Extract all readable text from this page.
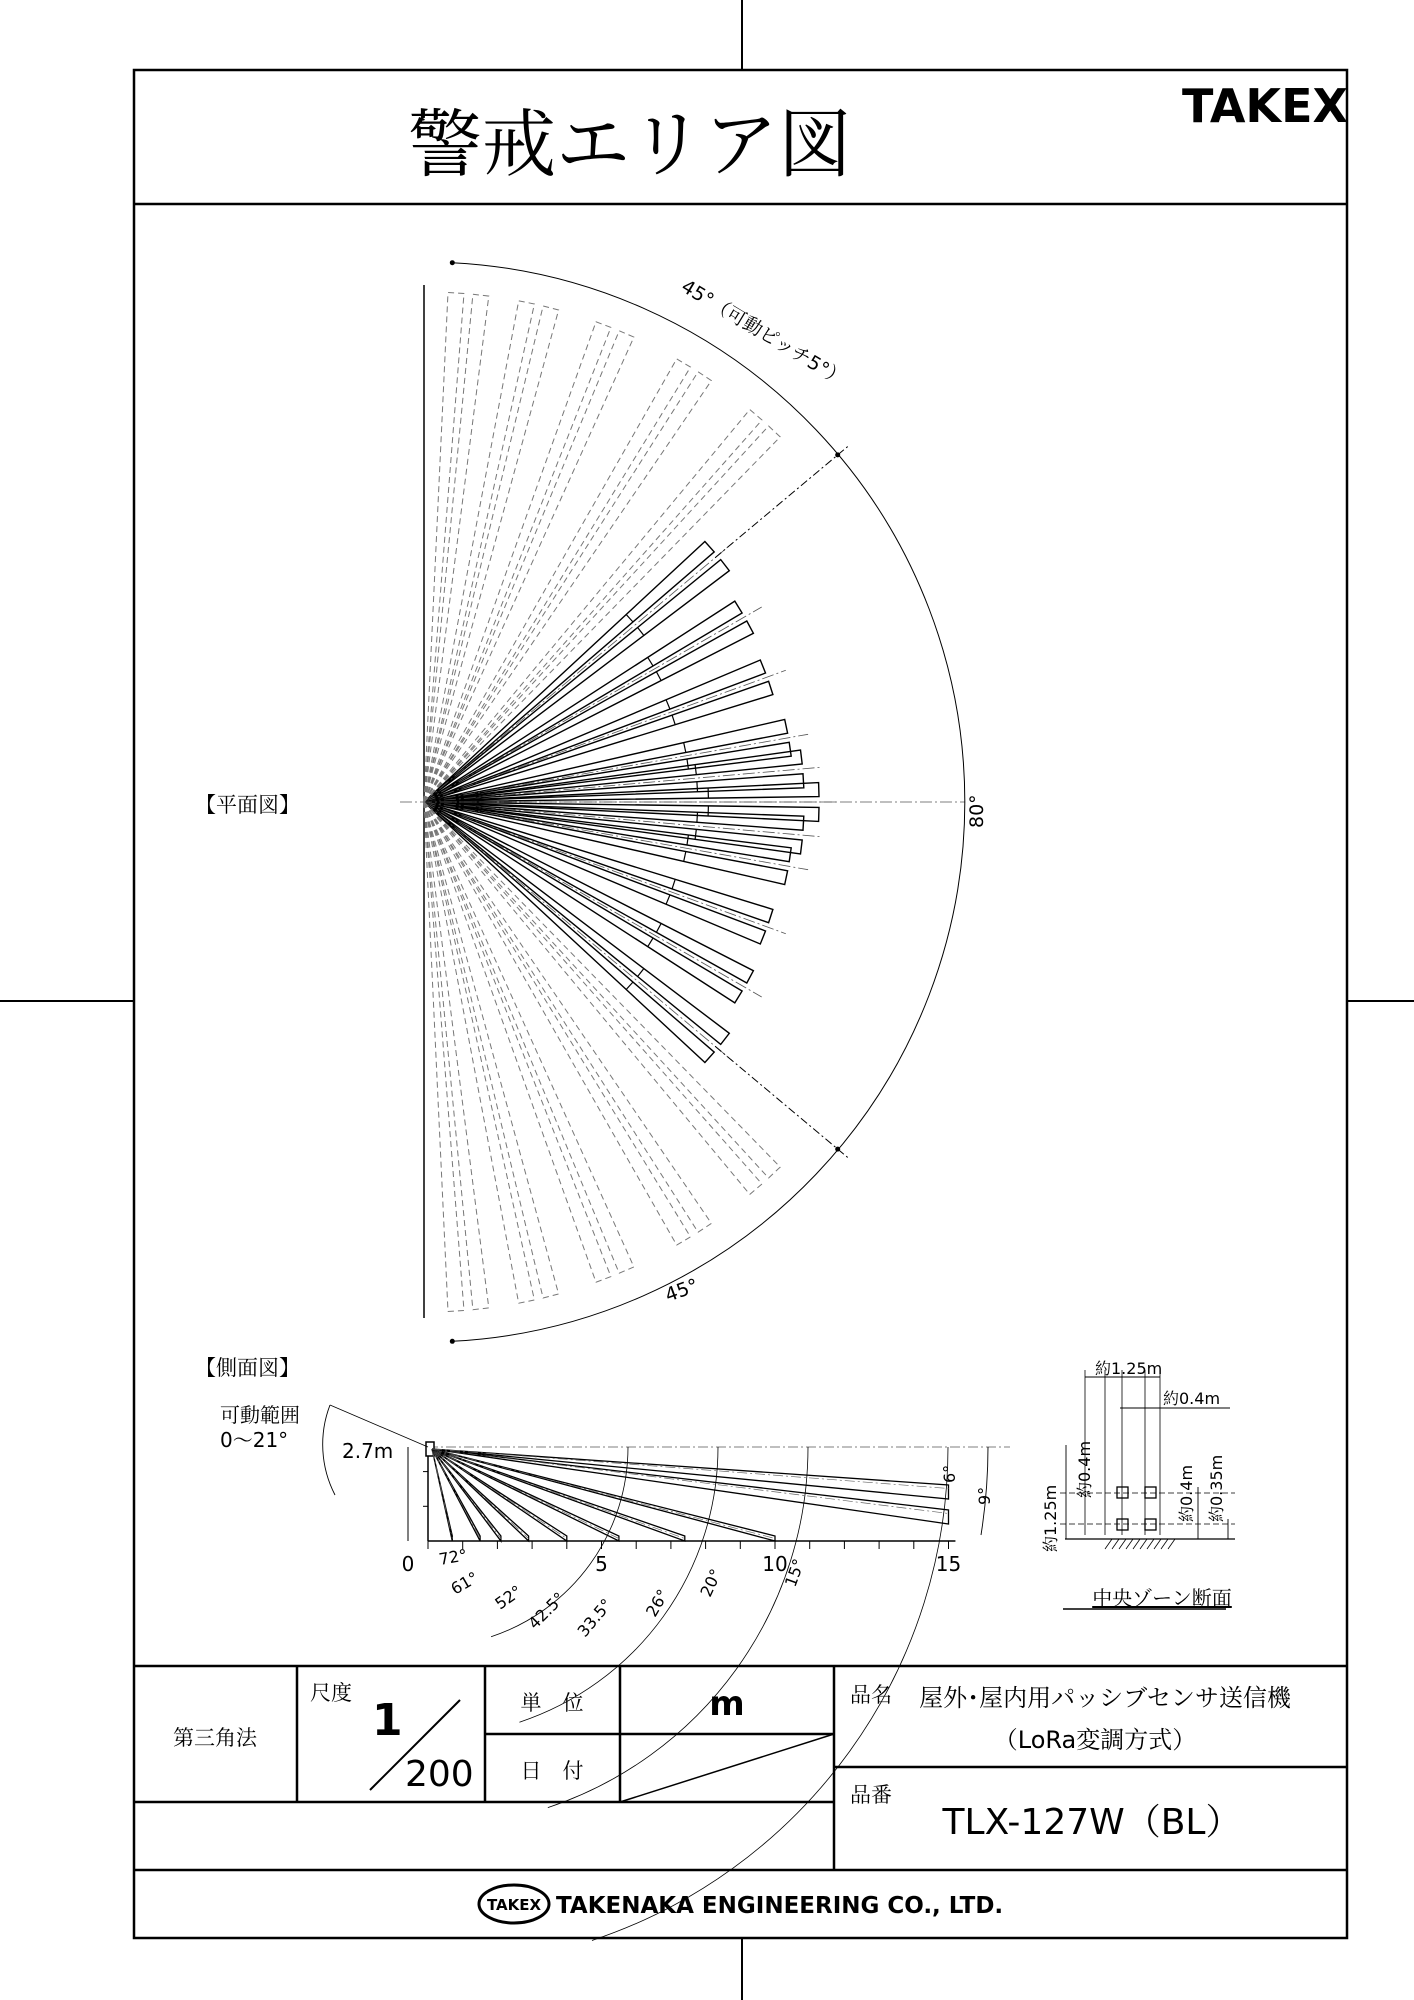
警戒エリア図	TAKEX
【平面図】
45°（可動ピッチ5°）
45°
80°
【側面図】
可動範囲
0〜21°	2.7m
0	5	10	15
72°
61° 52°
42.5° 33.5° 26°
20°	15°
6°
9°
約1.25m
約0.4m
約0.4m
約1.25m	約0.4m 約0.35m
中央ゾーン断面
第三角法
尺度
1
200
単　位	m
日　付
品名 屋外･屋内用パッシブセンサ送信機
（LoRa変調方式）
品番
TLX-127W（BL）
TAKEX TAKENAKA ENGINEERING CO., LTD.
